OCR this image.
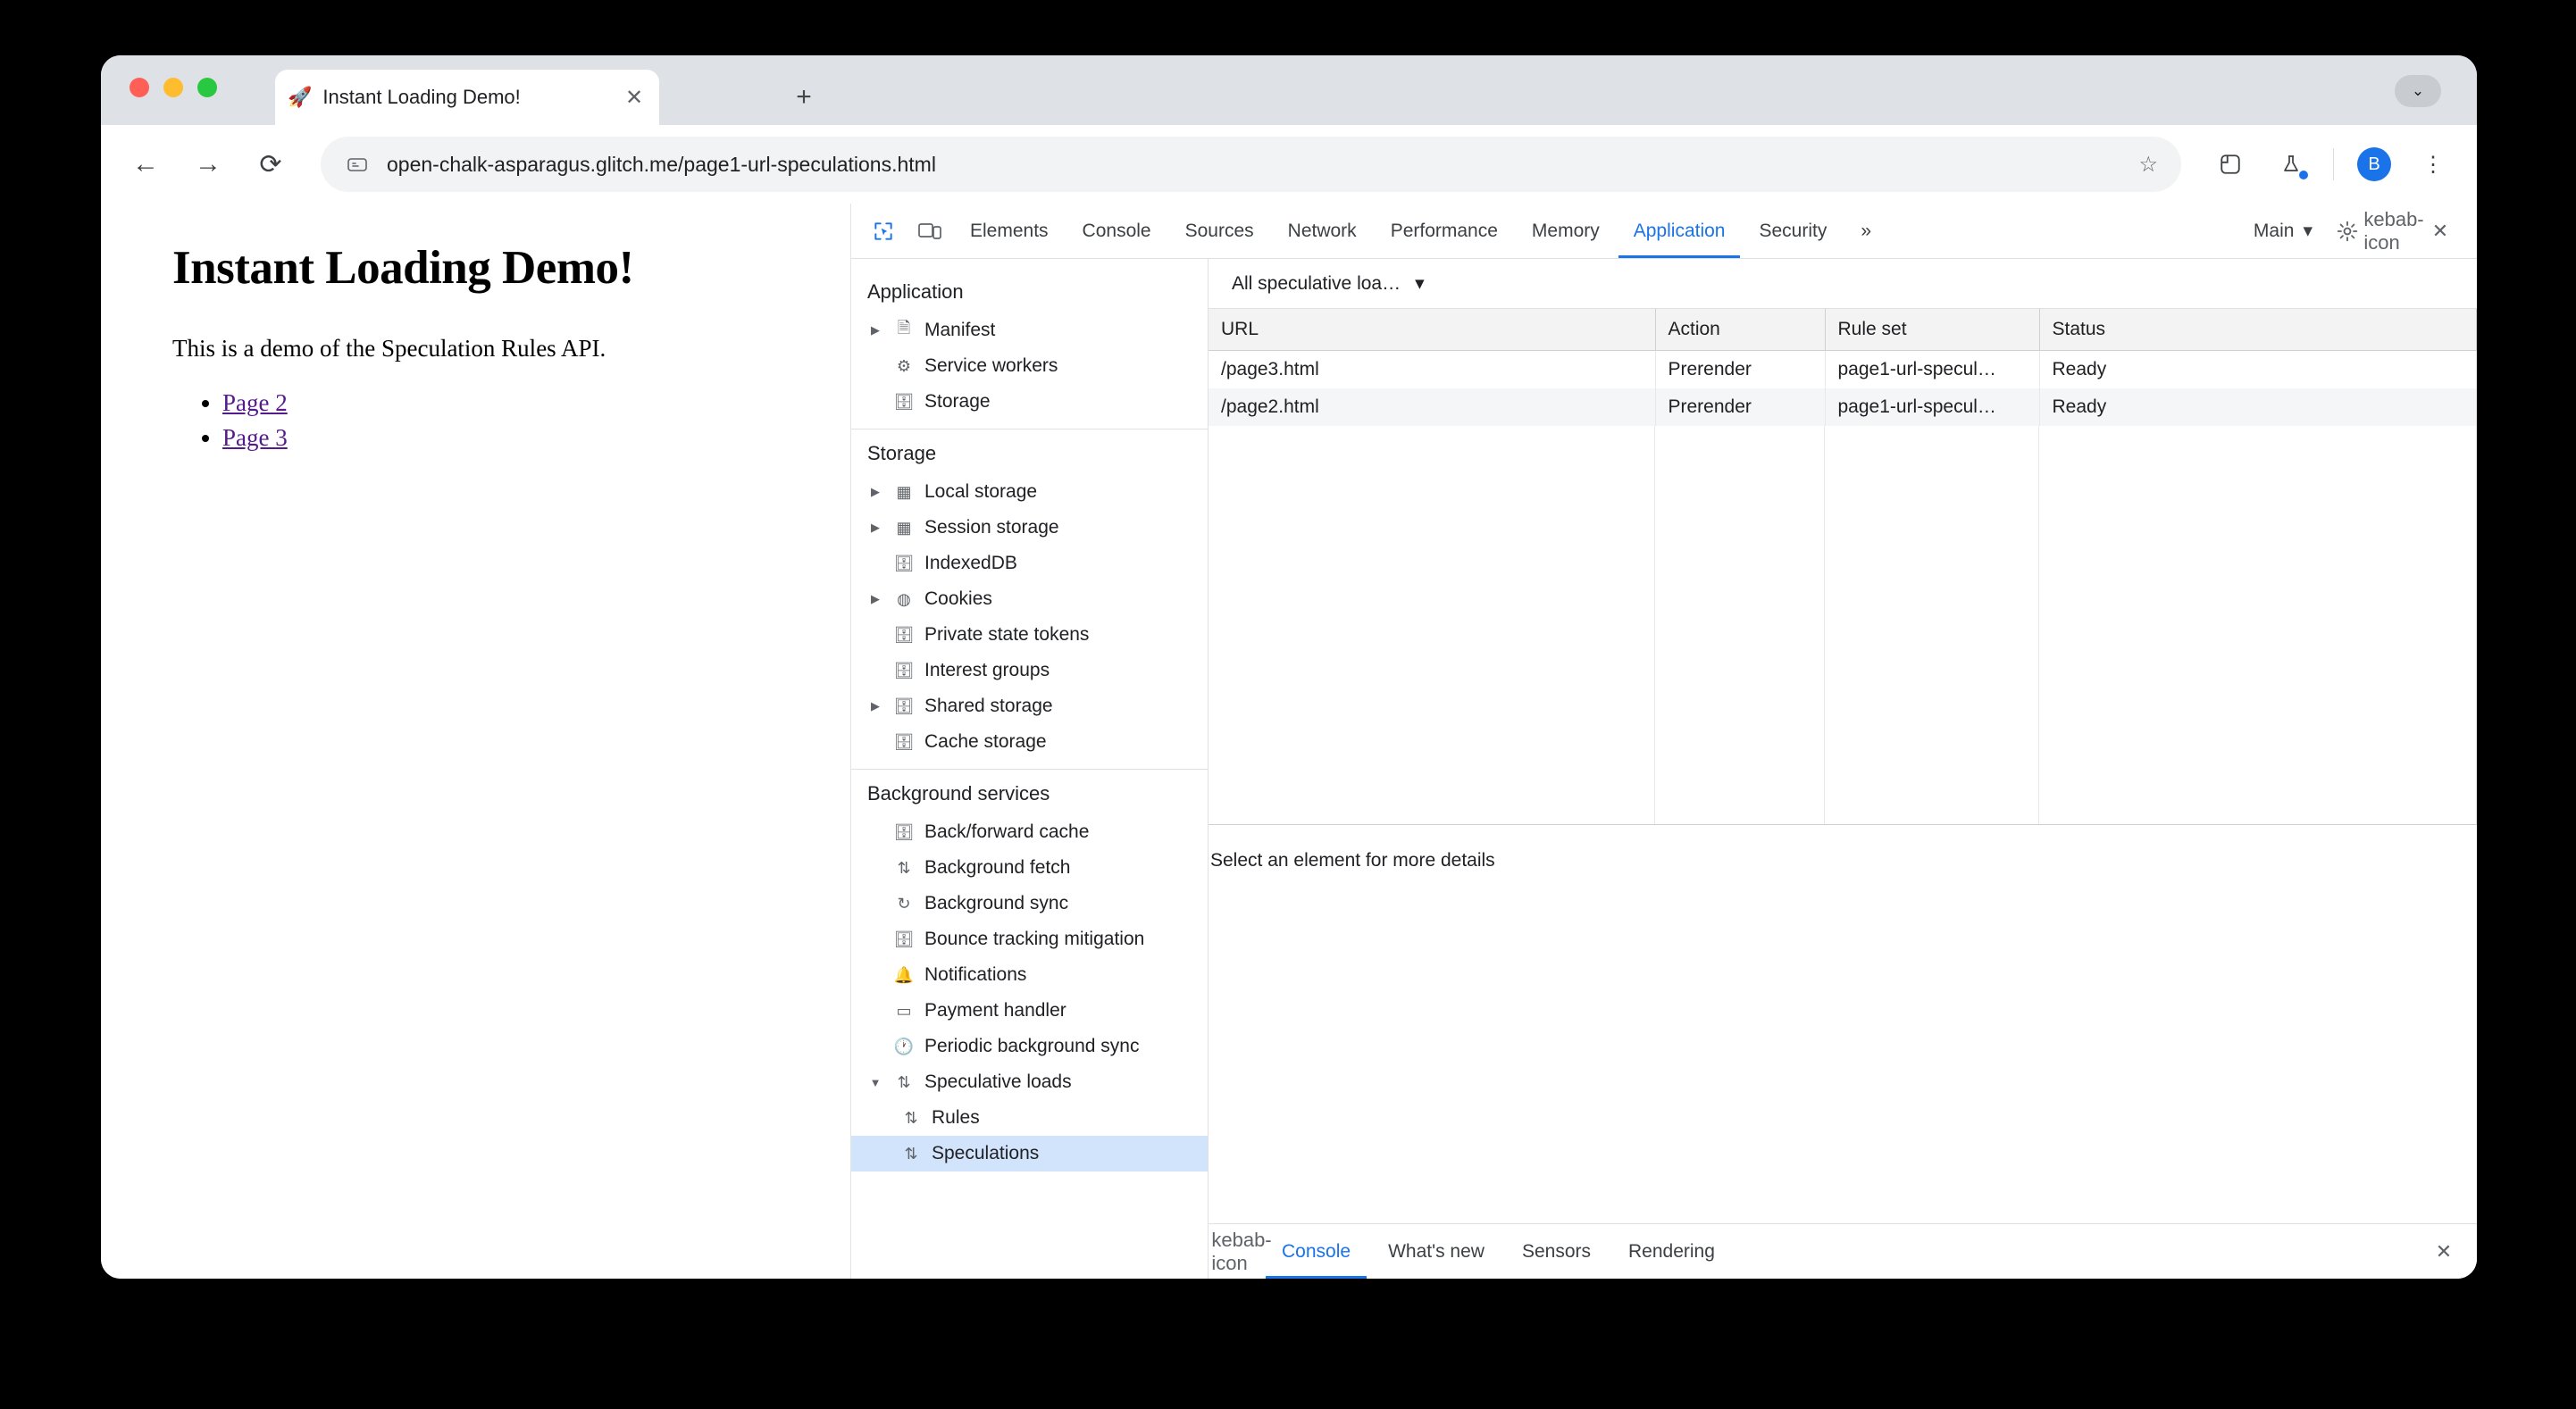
🚀 Instant Loading Demo!	✕	+	⌄
← →	⟳	open-chalk-asparagus.glitch.me/page1-url-speculations.html	☆	B	⋮
Instant Loading Demo!

This is a demo of the Speculation Rules API.

• Page 2
• Page 3
Elements	Console	Sources	Network	Performance	Memory	Application	Security	»	Main ▾
kebab-icon
✕
Application
▶	🗎 Manifest
⚙ Service workers
🗄 Storage
Storage
▶ ▦ Local storage
▶ ▦ Session storage
🗄 IndexedDB
▶ ◍ Cookies
🗄 Private state tokens
🗄 Interest groups
▶ 🗄 Shared storage
🗄 Cache storage
Background services
🗄 Back/forward cache
⇅ Background fetch
↻ Background sync
🗄 Bounce tracking mitigation
🔔 Notifications
▭ Payment handler
🕐 Periodic background sync
▼	⇅ Speculative loads
⇅ Rules
⇅ Speculations
All speculative loa… ▾
URL	Action	Rule set	Status
/page3.html	Prerender	page1-url-specul…	Ready
/page2.html	Prerender	page1-url-specul…	Ready
Select an element for more details
kebab-icon
Console	What's new	Sensors	Rendering	✕
